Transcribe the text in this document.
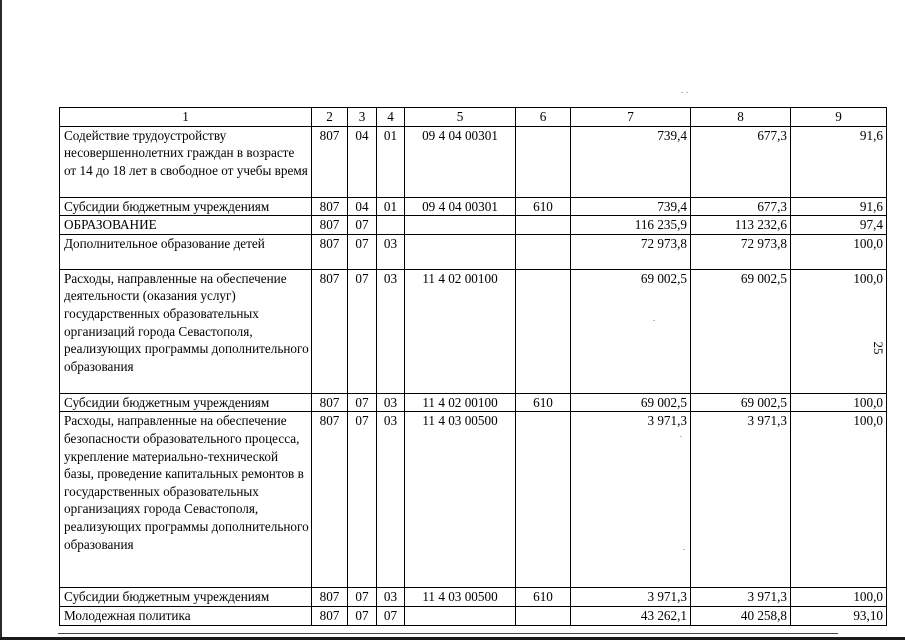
1	2	3	4	5	6	7	8	9
Содействие трудоустройству несовершеннолетних граждан в возрасте от 14 до 18 лет в свободное от учебы время	807	04	01	09 4 04 00301		739,4	677,3	91,6
Субсидии бюджетным учреждениям	807	04	01	09 4 04 00301	610	739,4	677,3	91,6
ОБРАЗОВАНИЕ	807	07				116 235,9	113 232,6	97,4
Дополнительное образование детей	807	07	03			72 973,8	72 973,8	100,0
Расходы, направленные на обеспечение деятельности (оказания услуг) государственных образовательных организаций города Севастополя, реализующих программы дополнительного образования	807	07	03	11 4 02 00100		69 002,5	69 002,5	100,0
Субсидии бюджетным учреждениям	807	07	03	11 4 02 00100	610	69 002,5	69 002,5	100,0
Расходы, направленные на обеспечение безопасности образовательного процесса, укрепление материально-технической базы, проведение капитальных ремонтов в государственных образовательных организациях города Севастополя, реализующих программы дополнительного образования	807	07	03	11 4 03 00500		3 971,3	3 971,3	100,0
Субсидии бюджетным учреждениям	807	07	03	11 4 03 00500	610	3 971,3	3 971,3	100,0
Молодежная политика	807	07	07			43 262,1	40 258,8	93,10
25
